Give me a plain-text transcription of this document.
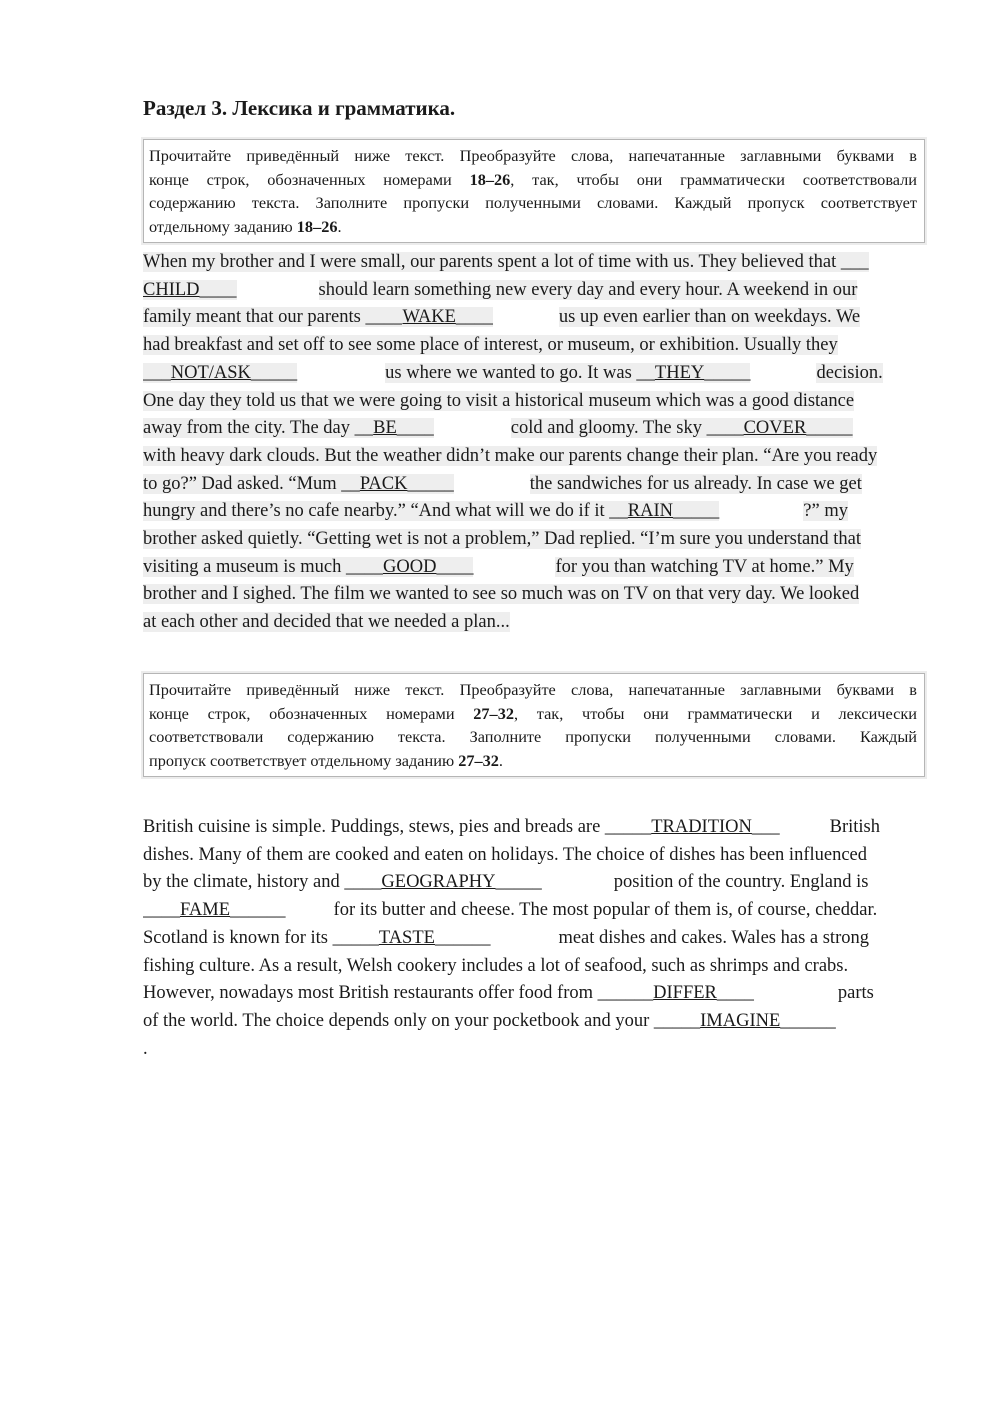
Раздел 3. Лексика и грамматика.
Прочитайте приведённый ниже текст. Преобразуйте слова, напечатанные заглавными буквами в
конце строк, обозначенных номерами 18–26, так, чтобы они грамматически соответствовали
содержанию текста. Заполните пропуски полученными словами. Каждый пропуск соответствует
отдельному заданию 18–26.
When my brother and I were small, our parents spent a lot of time with us. They believed that ___
CHILD____	should learn something new every day and every hour. A weekend in our
family meant that our parents ____WAKE____	us up even earlier than on weekdays. We
had breakfast and set off to see some place of interest, or museum, or exhibition. Usually they
___NOT/ASK_____	us where we wanted to go. It was __THEY_____	decision.
One day they told us that we were going to visit a historical museum which was a good distance
away from the city. The day __BE____	cold and gloomy. The sky ____COVER_____
with heavy dark clouds. But the weather didn’t make our parents change their plan. “Are you ready
to go?” Dad asked. “Mum __PACK_____	the sandwiches for us already. In case we get
hungry and there’s no cafe nearby.” “And what will we do if it __RAIN_____	?” my
brother asked quietly. “Getting wet is not a problem,” Dad replied. “I’m sure you understand that
visiting a museum is much ____GOOD____	for you than watching TV at home.” My
brother and I sighed. The film we wanted to see so much was on TV on that very day. We looked
at each other and decided that we needed a plan...
Прочитайте приведённый ниже текст. Преобразуйте слова, напечатанные заглавными буквами в
конце строк, обозначенных номерами 27–32, так, чтобы они грамматически и лексически
соответствовали содержанию текста. Заполните пропуски полученными словами. Каждый
пропуск соответствует отдельному заданию 27–32.
British cuisine is simple. Puddings, stews, pies and breads are _____TRADITION___	British
dishes. Many of them are cooked and eaten on holidays. The choice of dishes has been influenced
by the climate, history and ____GEOGRAPHY_____	position of the country. England is
____FAME______	for its butter and cheese. The most popular of them is, of course, cheddar.
Scotland is known for its _____TASTE______	meat dishes and cakes. Wales has a strong
fishing culture. As a result, Welsh cookery includes a lot of seafood, such as shrimps and crabs.
However, nowadays most British restaurants offer food from ______DIFFER____	parts
of the world. The choice depends only on your pocketbook and your _____IMAGINE______
.
